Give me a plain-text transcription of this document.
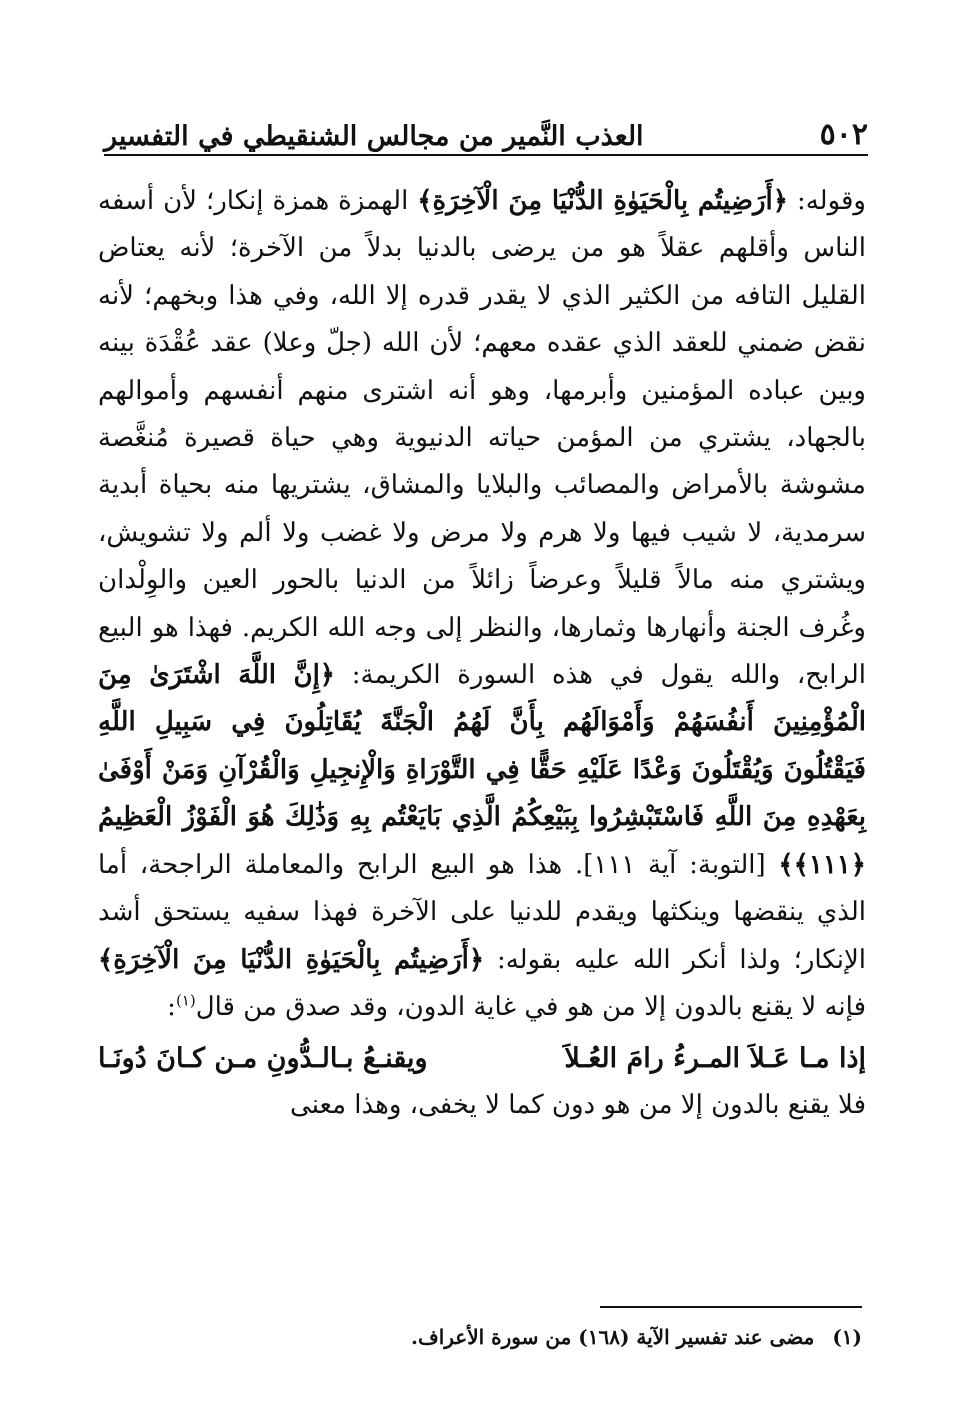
٥٠٢
العذب النَّمير من مجالس الشنقيطي في التفسير

وقوله: ﴿أَرَضِيتُم بِالْحَيَوٰةِ الدُّنْيَا مِنَ الْآخِرَةِ﴾ الهمزة همزة إنكار؛ لأن أسفه الناس وأقلهم عقلاً هو من يرضى بالدنيا بدلاً من الآخرة؛ لأنه يعتاض القليل التافه من الكثير الذي لا يقدر قدره إلا الله، وفي هذا وبخهم؛ لأنه نقض ضمني للعقد الذي عقده معهم؛ لأن الله (جلّ وعلا) عقد عُقْدَة بينه وبين عباده المؤمنين وأبرمها، وهو أنه اشترى منهم أنفسهم وأموالهم بالجهاد، يشتري من المؤمن حياته الدنيوية وهي حياة قصيرة مُنغَّصة مشوشة بالأمراض والمصائب والبلايا والمشاق، يشتريها منه بحياة أبدية سرمدية، لا شيب فيها ولا هرم ولا مرض ولا غضب ولا ألم ولا تشويش، ويشتري منه مالاً قليلاً وعرضاً زائلاً من الدنيا بالحور العين والوِلْدان وغُرف الجنة وأنهارها وثمارها، والنظر إلى وجه الله الكريم. فهذا هو البيع الرابح، والله يقول في هذه السورة الكريمة: ﴿إِنَّ اللَّهَ اشْتَرَىٰ مِنَ الْمُؤْمِنِينَ أَنفُسَهُمْ وَأَمْوَالَهُم بِأَنَّ لَهُمُ الْجَنَّةَ يُقَاتِلُونَ فِي سَبِيلِ اللَّهِ فَيَقْتُلُونَ وَيُقْتَلُونَ وَعْدًا عَلَيْهِ حَقًّا فِي التَّوْرَاةِ وَالْإِنجِيلِ وَالْقُرْآنِ وَمَنْ أَوْفَىٰ بِعَهْدِهِ مِنَ اللَّهِ فَاسْتَبْشِرُوا بِبَيْعِكُمُ الَّذِي بَايَعْتُم بِهِ وَذَٰلِكَ هُوَ الْفَوْزُ الْعَظِيمُ ﴿١١١﴾﴾ [التوبة: آية ١١١]. هذا هو البيع الرابح والمعاملة الراجحة، أما الذي ينقضها وينكثها ويقدم للدنيا على الآخرة فهذا سفيه يستحق أشد الإنكار؛ ولذا أنكر الله عليه بقوله: ﴿أَرَضِيتُم بِالْحَيَوٰةِ الدُّنْيَا مِنَ الْآخِرَةِ﴾ فإنه لا يقنع بالدون إلا من هو في غاية الدون، وقد صدق من قال$^{(١)}$:

إذا مـا عَـلاَ المـرءُ رامَ العُـلاَ
ويقنـعُ بـالـدُّونِ مـن كـانَ دُونَـا

فلا يقنع بالدون إلا من هو دون كما لا يخفى، وهذا معنى

(١)مضى عند تفسير الآية (١٦٨) من سورة الأعراف.
